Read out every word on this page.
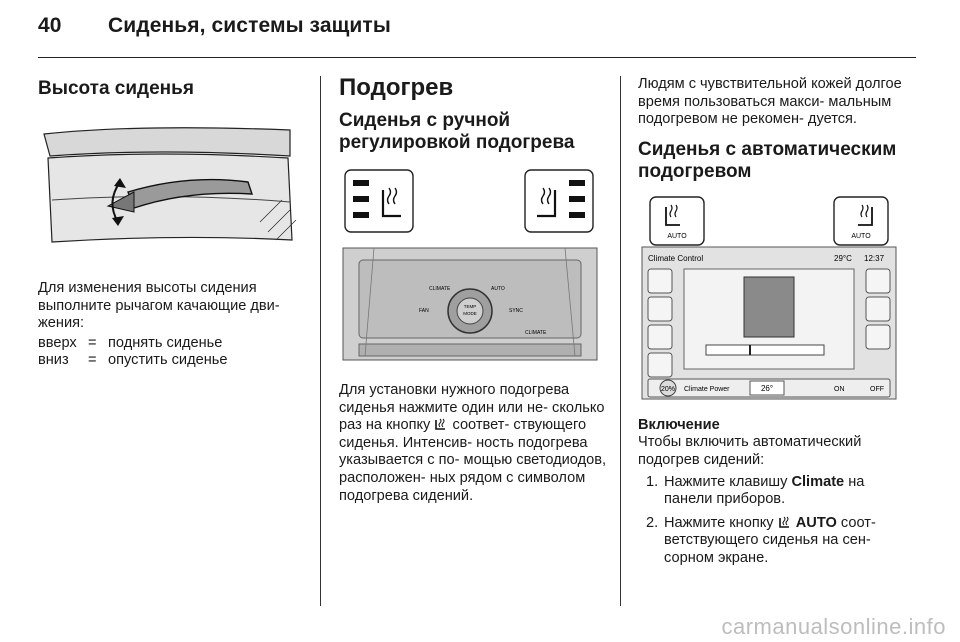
40 Сиденья, системы защиты
Высота сиденья

Для изменения высоты сидения выполните рычагом качающие дви- жения:

вверх	=	поднять сиденье
вниз	=	опустить сиденье
Подогрев
Сиденья с ручной регулировкой подогрева
TEMP
MODE
CLIMATE	AUTO
FAN	SYNC
CLIMATE

Для установки нужного подогрева сиденья нажмите один или не- сколько раз на кнопку соответ- ствующего сиденья. Интенсив- ность подогрева указывается с по- мощью светодиодов, расположен- ных рядом с символом подогрева сидений.

Людям с чувствительной кожей долгое время пользоваться макси- мальным подогревом не рекомен- дуется.

Сиденья с автоматическим подогревом
Climate Control	29°C 12:37
20% Climate Power	26°	ON	OFF
AUTO	AUTO
Включение

Чтобы включить автоматический подогрев сидений:

1. Нажмите клавишу Climate на панели приборов.
2. Нажмите кнопку AUTO соот- ветствующего сиденья на сен- сорном экране.
carmanualsonline.info
